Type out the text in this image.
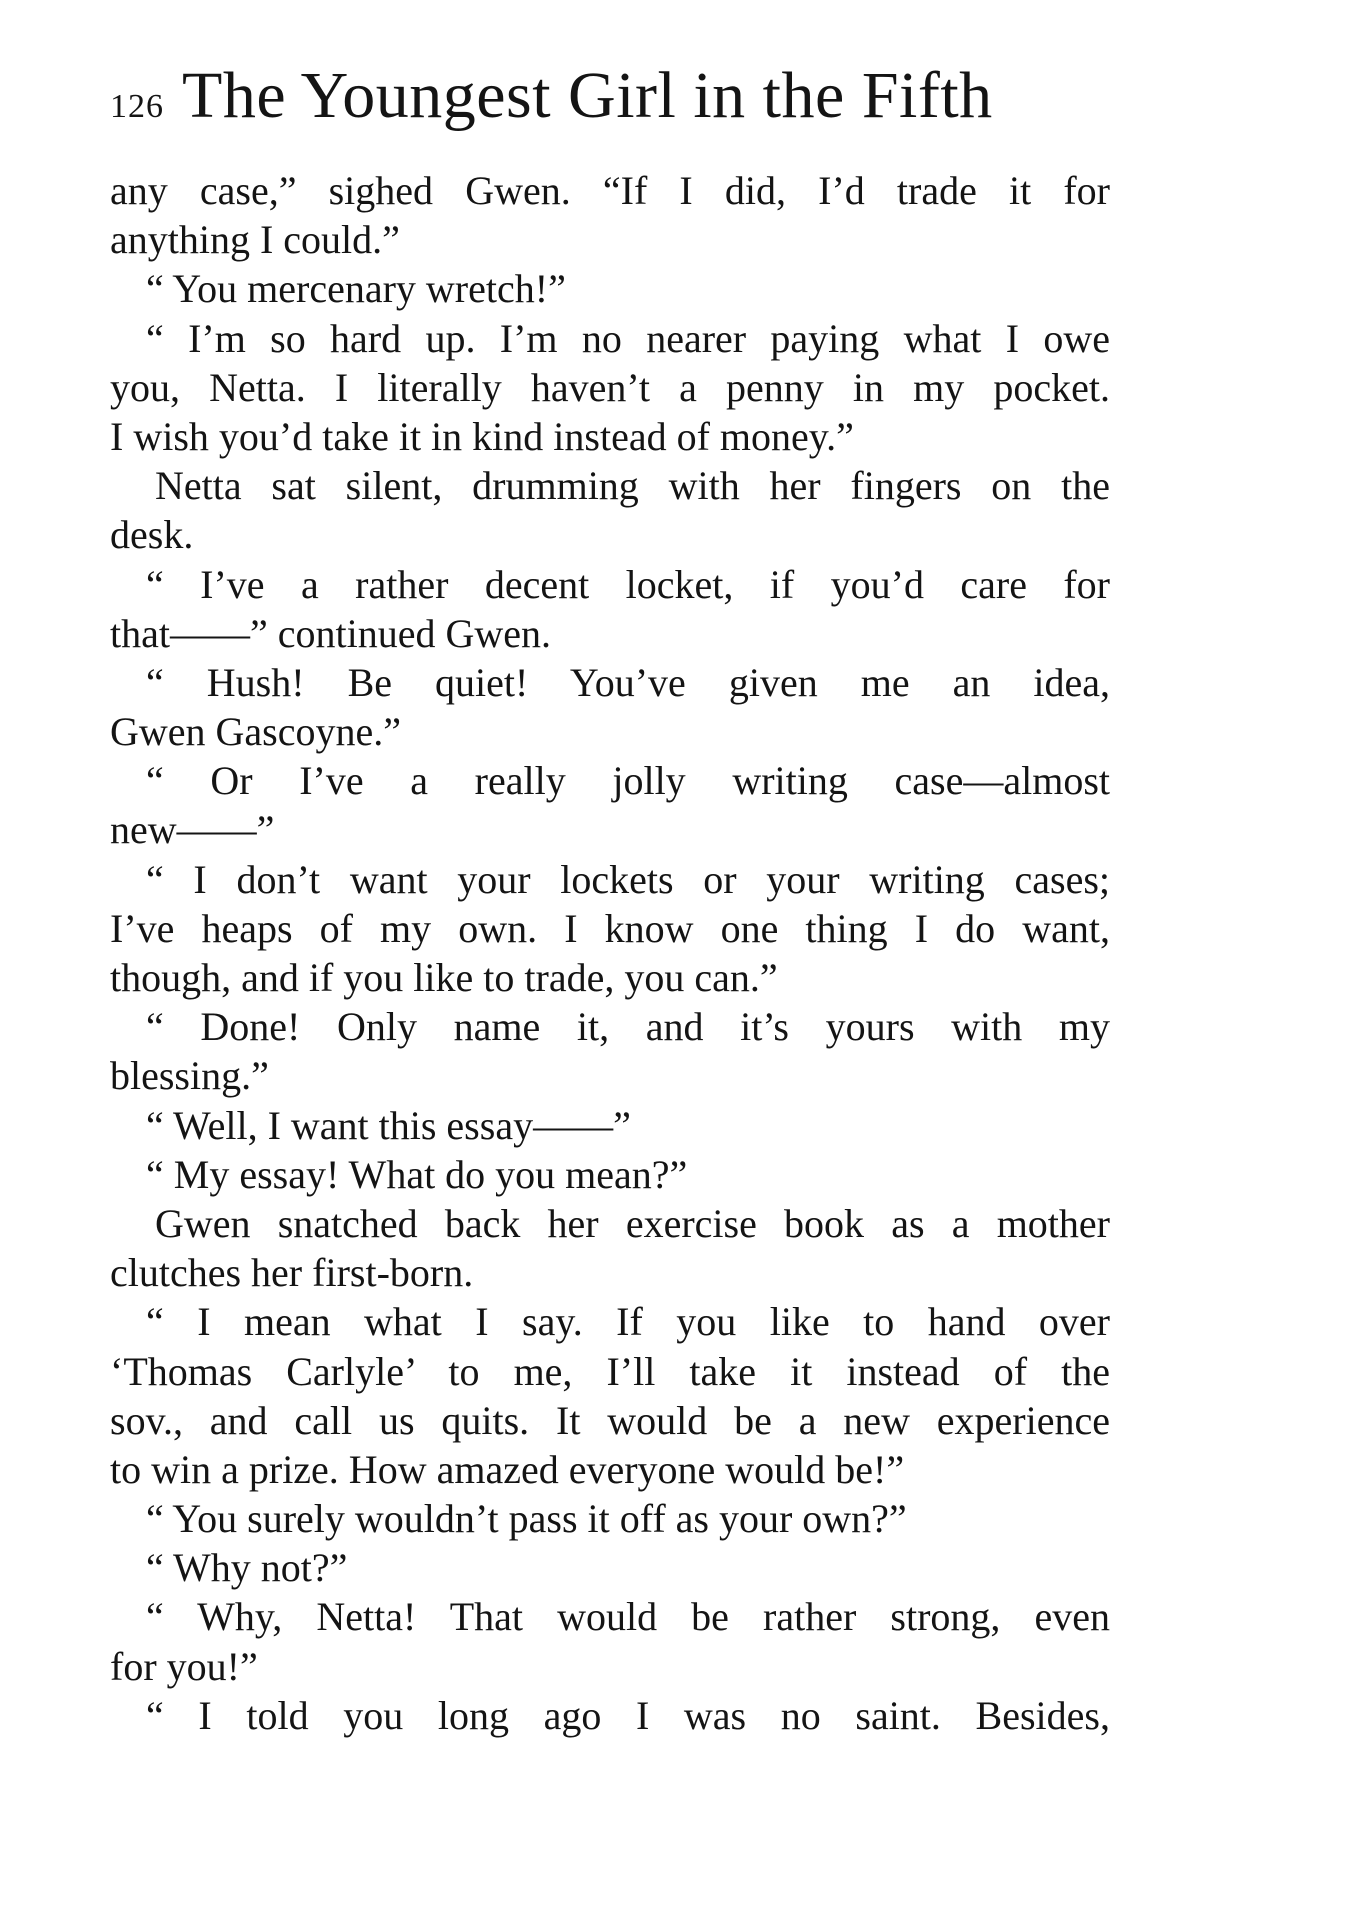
126 The Youngest Girl in the Fifth
any case,” sighed Gwen. “If I did, I’d trade it for
anything I could.”
“ You mercenary wretch!”
“ I’m so hard up. I’m no nearer paying what I owe
you, Netta. I literally haven’t a penny in my pocket.
I wish you’d take it in kind instead of money.”
Netta sat silent, drumming with her fingers on the
desk.
“ I’ve a rather decent locket, if you’d care for
that——” continued Gwen.
“ Hush! Be quiet! You’ve given me an idea,
Gwen Gascoyne.”
“ Or I’ve a really jolly writing case—almost
new——”
“ I don’t want your lockets or your writing cases;
I’ve heaps of my own. I know one thing I do want,
though, and if you like to trade, you can.”
“ Done! Only name it, and it’s yours with my
blessing.”
“ Well, I want this essay——”
“ My essay! What do you mean?”
Gwen snatched back her exercise book as a mother
clutches her first-born.
“ I mean what I say. If you like to hand over
‘Thomas Carlyle’ to me, I’ll take it instead of the
sov., and call us quits. It would be a new experience
to win a prize. How amazed everyone would be!”
“ You surely wouldn’t pass it off as your own?”
“ Why not?”
“ Why, Netta! That would be rather strong, even
for you!”
“ I told you long ago I was no saint. Besides,
